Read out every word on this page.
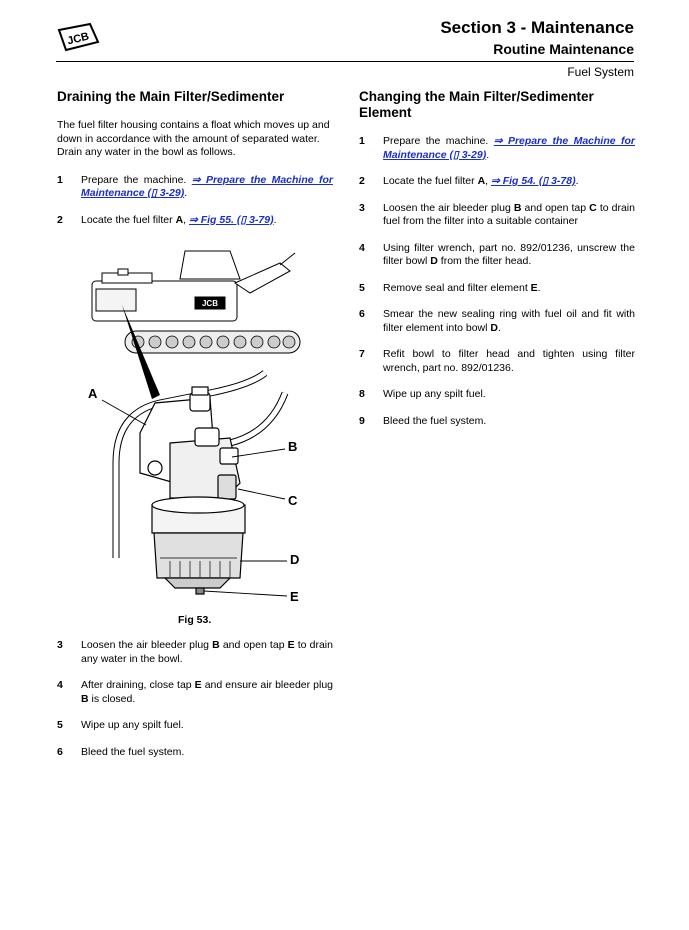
JCB
Section 3 - Maintenance
Routine Maintenance
Fuel System
Draining the Main Filter/Sedimenter

The fuel filter housing contains a float which moves up and down in accordance with the amount of separated water. Drain any water in the bowl as follows.

1 Prepare the machine. ⇒ Prepare the Machine for Maintenance (▯ 3-29).
2 Locate the fuel filter A, ⇒ Fig 55. (▯ 3-79).
JCB
A
B
C
D
E
Fig 53.
3 Loosen the air bleeder plug B and open tap E to drain any water in the bowl.
4 After draining, close tap E and ensure air bleeder plug B is closed.
5 Wipe up any spilt fuel.
6 Bleed the fuel system.
Changing the Main Filter/Sedimenter Element
1 Prepare the machine. ⇒ Prepare the Machine for Maintenance (▯ 3-29).
2 Locate the fuel filter A, ⇒ Fig 54. (▯ 3-78).
3 Loosen the air bleeder plug B and open tap C to drain fuel from the filter into a suitable container
4 Using filter wrench, part no. 892/01236, unscrew the filter bowl D from the filter head.
5 Remove seal and filter element E.
6 Smear the new sealing ring with fuel oil and fit with filter element into bowl D.
7 Refit bowl to filter head and tighten using filter wrench, part no. 892/01236.
8 Wipe up any spilt fuel.
9 Bleed the fuel system.
